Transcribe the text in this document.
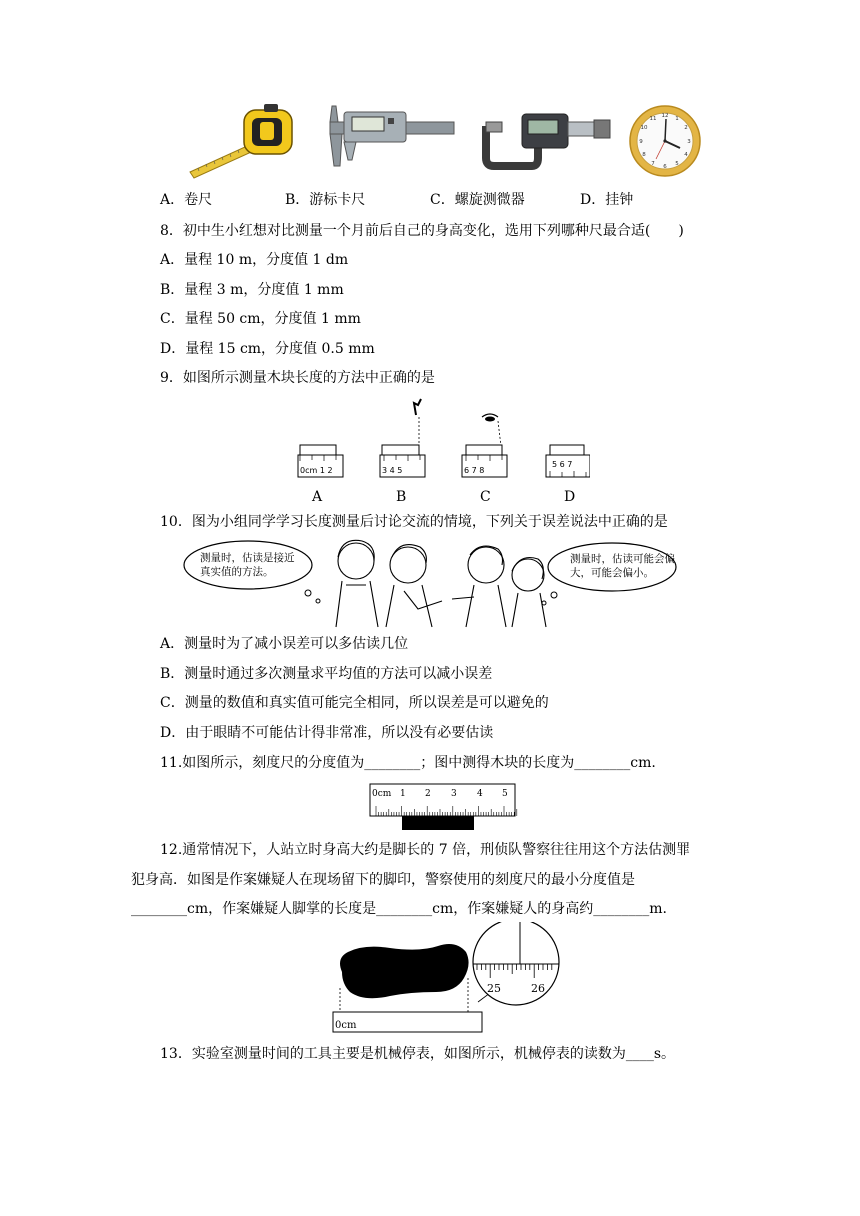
12 1
2
3
4
5
6
7
8
9
10
11
A．卷尺	B．游标卡尺	C．螺旋测微器	D．挂钟
8．初中生小红想对比测量一个月前后自己的身高变化，选用下列哪种尺最合适(　　)
A．量程 10 m，分度值 1 dm
B．量程 3 m，分度值 1 mm
C．量程 50 cm，分度值 1 mm
D．量程 15 cm，分度值 0.5 mm
9．如图所示测量木块长度的方法中正确的是
0cm 1 2	3 4 5	6 7 8
5 6 7
A	B	C	D
10．图为小组同学学习长度测量后讨论交流的情境，下列关于误差说法中正确的是
测量时，估读是接近真实值的方法。
测量时，估读可能会偏大，可能会偏小。
A．测量时为了减小误差可以多估读几位
B．测量时通过多次测量求平均值的方法可以减小误差
C．测量的数值和真实值可能完全相同，所以误差是可以避免的
D．由于眼睛不可能估计得非常准，所以没有必要估读
11.如图所示，刻度尺的分度值为________；图中测得木块的长度为________cm.
0cm 1 2 3 4 5
12.通常情况下，人站立时身高大约是脚长的 7 倍，刑侦队警察往往用这个方法估测罪
犯身高．如图是作案嫌疑人在现场留下的脚印，警察使用的刻度尺的最小分度值是
________cm，作案嫌疑人脚掌的长度是________cm，作案嫌疑人的身高约________m.
0cm
25	26
13．实验室测量时间的工具主要是机械停表，如图所示，机械停表的读数为____s。
